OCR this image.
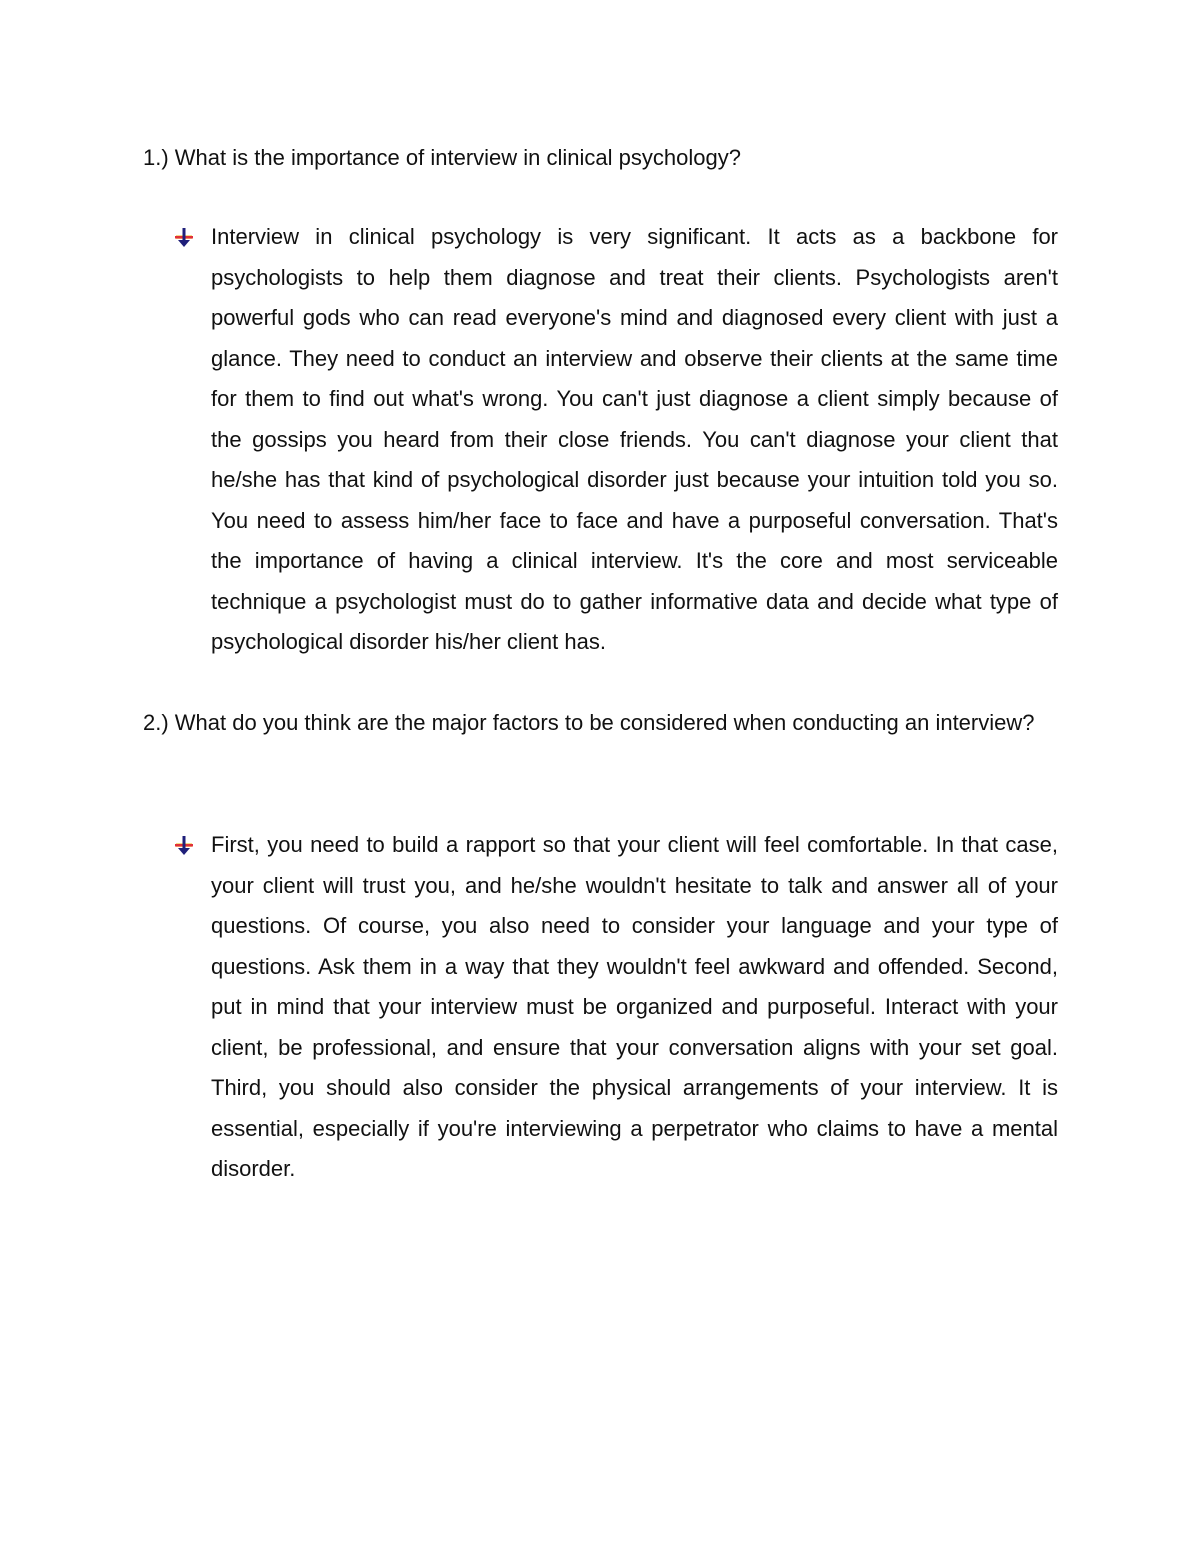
1.) What is the importance of interview in clinical psychology?

Interview in clinical psychology is very significant. It acts as a backbone for psychologists to help them diagnose and treat their clients. Psychologists aren't powerful gods who can read everyone's mind and diagnosed every client with just a glance. They need to conduct an interview and observe their clients at the same time for them to find out what's wrong. You can't just diagnose a client simply because of the gossips you heard from their close friends. You can't diagnose your client that he/she has that kind of psychological disorder just because your intuition told you so. You need to assess him/her face to face and have a purposeful conversation. That's the importance of having a clinical interview. It's the core and most serviceable technique a psychologist must do to gather informative data and decide what type of psychological disorder his/her client has.

2.) What do you think are the major factors to be considered when conducting an interview?

First, you need to build a rapport so that your client will feel comfortable. In that case, your client will trust you, and he/she wouldn't hesitate to talk and answer all of your questions. Of course, you also need to consider your language and your type of questions. Ask them in a way that they wouldn't feel awkward and offended. Second, put in mind that your interview must be organized and purposeful. Interact with your client, be professional, and ensure that your conversation aligns with your set goal. Third, you should also consider the physical arrangements of your interview. It is essential, especially if you're interviewing a perpetrator who claims to have a mental disorder.
